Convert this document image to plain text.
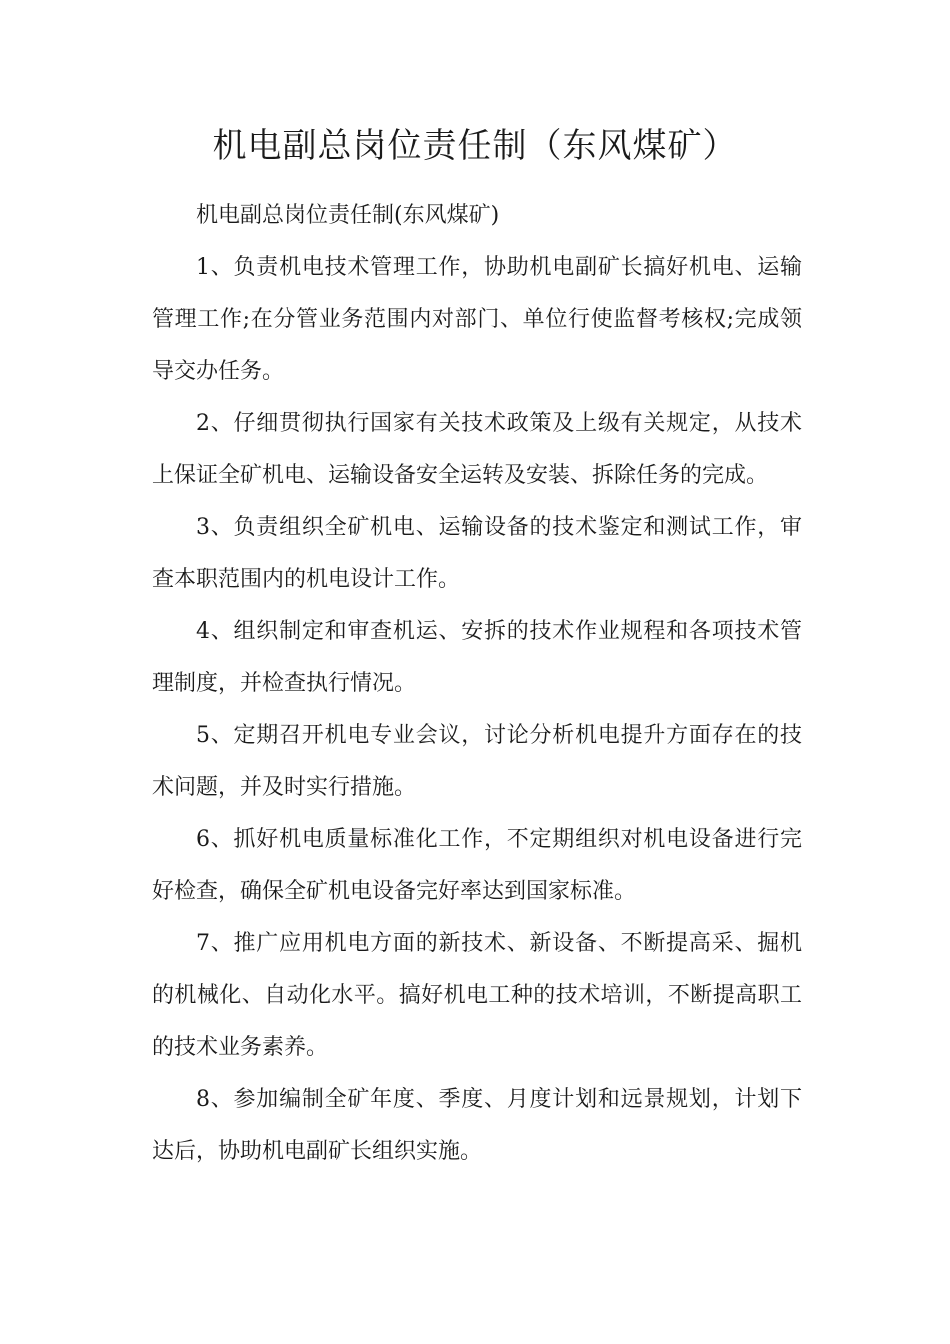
机电副总岗位责任制（东风煤矿）

机电副总岗位责任制(东风煤矿)

1、负责机电技术管理工作，协助机电副矿长搞好机电、运输管理工作;在分管业务范围内对部门、单位行使监督考核权;完成领导交办任务。

2、仔细贯彻执行国家有关技术政策及上级有关规定，从技术上保证全矿机电、运输设备安全运转及安装、拆除任务的完成。

3、负责组织全矿机电、运输设备的技术鉴定和测试工作，审查本职范围内的机电设计工作。

4、组织制定和审查机运、安拆的技术作业规程和各项技术管理制度，并检查执行情况。

5、定期召开机电专业会议，讨论分析机电提升方面存在的技术问题，并及时实行措施。

6、抓好机电质量标准化工作，不定期组织对机电设备进行完好检查，确保全矿机电设备完好率达到国家标准。

7、推广应用机电方面的新技术、新设备、不断提高采、掘机的机械化、自动化水平。搞好机电工种的技术培训，不断提高职工的技术业务素养。

8、参加编制全矿年度、季度、月度计划和远景规划，计划下达后，协助机电副矿长组织实施。
